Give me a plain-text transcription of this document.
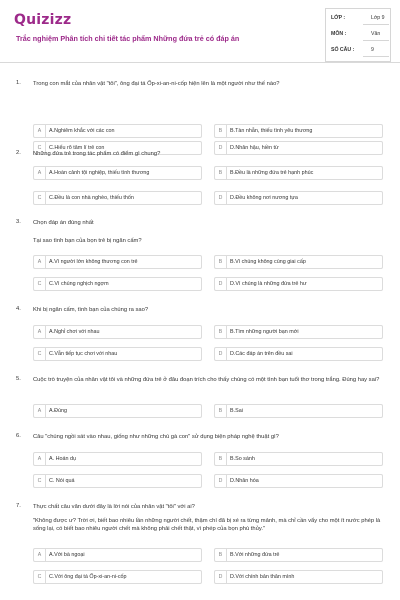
Quizizz
Trắc nghiệm Phân tích chi tiết tác phẩm Những đứa trẻ có đáp án
LỚP :	Lớp 9
MÔN :	Văn
SỐ CÂU :	9
1. Trong con mắt của nhân vật "tôi", ông đại tá Ốp-xi-an-ni-cốp hiện lên là một người như thế nào?
A	A.Nghiêm khắc với các con	B	B.Tàn nhẫn, thiếu tình yêu thương
C	C.Hiểu rõ tâm lí trẻ con	D	D.Nhân hậu, hiền từ
2. Những đứa trẻ trong tác phẩm có điểm gì chung?
A	A.Hoàn cảnh tội nghiệp, thiếu tình thương	B	B.Đều là những đứa trẻ hạnh phúc
C	C.Đều là con nhà nghèo, thiếu thốn	D	D.Đều không nơi nương tựa
3. Chọn đáp án đúng nhất
Tại sao tình bạn của bọn trẻ bị ngăn cấm?
A	A.Vì người lớn không thương con trẻ	B	B.Vì chúng không cùng giai cấp
C	C.Vì chúng nghịch ngợm	D	D.Vì chúng là những đứa trẻ hư
4. Khi bị ngăn cấm, tình bạn của chúng ra sao?
A	A.Nghỉ chơi với nhau	B	B.Tìm những người bạn mới
C	C.Vẫn tiếp tục chơi với nhau	D	D.Các đáp án trên đều sai
5. Cuộc trò truyện của nhân vật tôi và những đứa trẻ ở đâu đoạn trích cho thấy chúng có một tình bạn tuổi thơ trong trắng. Đúng hay sai?
A	A.Đúng	B	B.Sai
6. Câu "chúng ngồi sát vào nhau, giống như những chú gà con" sử dụng biện pháp nghệ thuật gì?
A	A. Hoán dụ	B	B.So sánh
C	C. Nói quá	D	D.Nhân hóa
7. Thực chất câu văn dưới đây là lời nói của nhân vật "tôi" với ai?
"Không được ư? Trời ơi, biết bao nhiêu lần những người chết, thậm chí đã bị xé ra từng mảnh, mà chỉ cần vẩy cho một ít nước phép là sống lại, có biết bao nhiêu người chết mà không phải chết thật, vì phép của bọn phù thủy."
A	A.Với bà ngoại	B	B.Với những đứa trẻ
C	C.Với ông đại tá Ốp-xi-an-ni-cốp	D	D.Với chính bản thân mình
